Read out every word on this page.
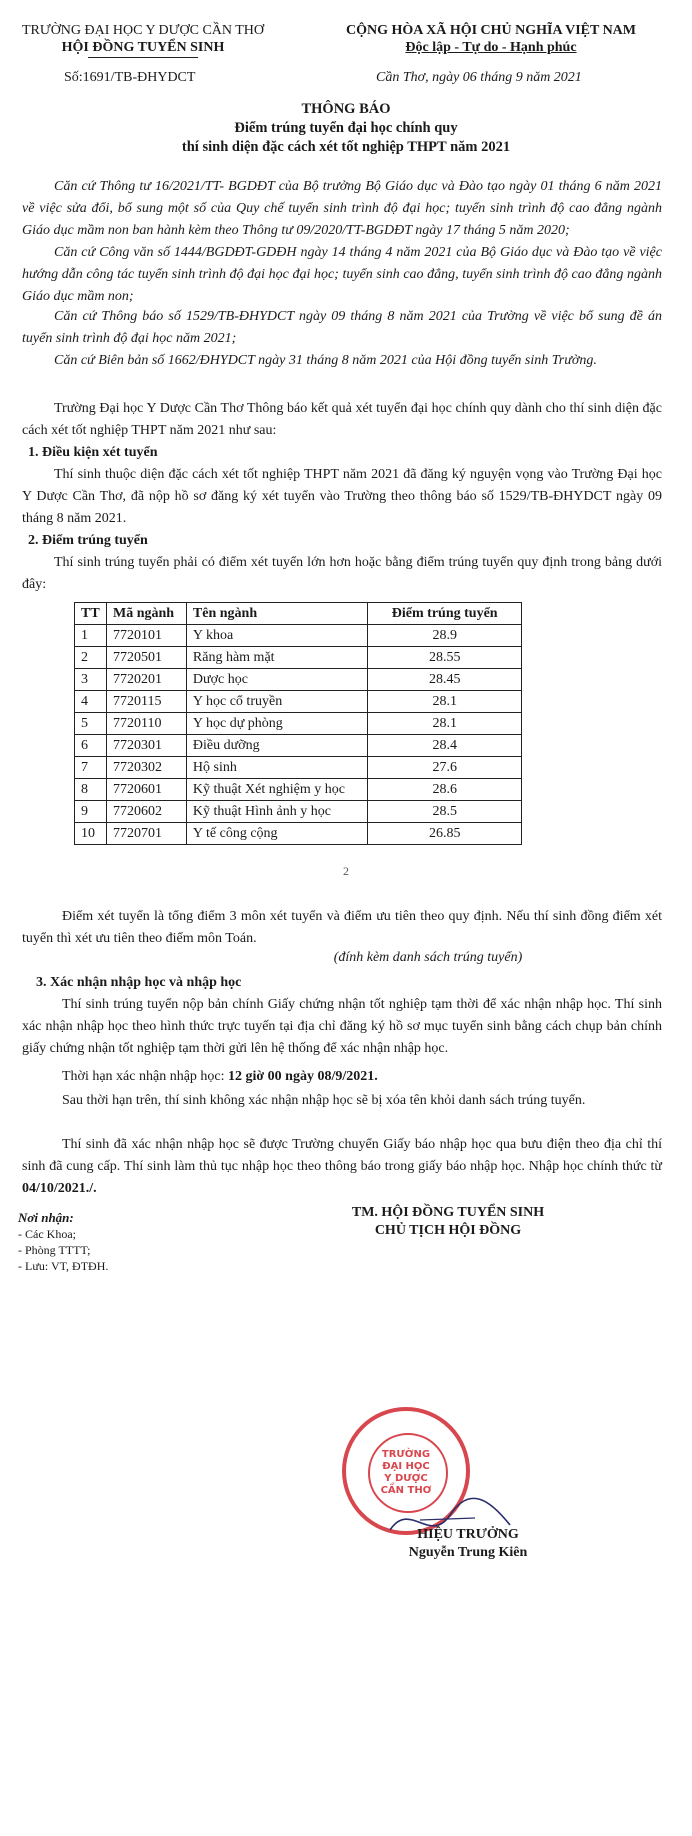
TRƯỜNG ĐẠI HỌC Y DƯỢC CẦN THƠ
HỘI ĐỒNG TUYỂN SINH
Số:1691/TB-ĐHYDCT
CỘNG HÒA XÃ HỘI CHỦ NGHĨA VIỆT NAM
Độc lập - Tự do - Hạnh phúc
Cần Thơ, ngày 06 tháng 9 năm 2021
THÔNG BÁO
Điểm trúng tuyển đại học chính quy
thí sinh diện đặc cách xét tốt nghiệp THPT năm 2021
Căn cứ Thông tư 16/2021/TT- BGDĐT của Bộ trưởng Bộ Giáo dục và Đào tạo ngày 01 tháng 6 năm 2021 về việc sửa đổi, bổ sung một số của Quy chế tuyển sinh trình độ đại học; tuyển sinh trình độ cao đẳng ngành Giáo dục mầm non ban hành kèm theo Thông tư 09/2020/TT-BGDĐT ngày 17 tháng 5 năm 2020;
Căn cứ Công văn số 1444/BGDĐT-GDĐH ngày 14 tháng 4 năm 2021 của Bộ Giáo dục và Đào tạo về việc hướng dẫn công tác tuyển sinh trình độ đại học đại học; tuyển sinh cao đẳng, tuyển sinh trình độ cao đẳng ngành Giáo dục mầm non;
Căn cứ Thông báo số 1529/TB-ĐHYDCT ngày 09 tháng 8 năm 2021 của Trường về việc bổ sung đề án tuyển sinh trình độ đại học năm 2021;
Căn cứ Biên bản số 1662/ĐHYDCT ngày 31 tháng 8 năm 2021 của Hội đồng tuyển sinh Trường.
Trường Đại học Y Dược Cần Thơ Thông báo kết quả xét tuyển đại học chính quy dành cho thí sinh diện đặc cách xét tốt nghiệp THPT năm 2021 như sau:
1. Điều kiện xét tuyển
Thí sinh thuộc diện đặc cách xét tốt nghiệp THPT năm 2021 đã đăng ký nguyện vọng vào Trường Đại học Y Dược Cần Thơ, đã nộp hồ sơ đăng ký xét tuyển vào Trường theo thông báo số 1529/TB-ĐHYDCT ngày 09 tháng 8 năm 2021.
2. Điểm trúng tuyển
Thí sinh trúng tuyển phải có điểm xét tuyển lớn hơn hoặc bằng điểm trúng tuyển quy định trong bảng dưới đây:
TT	Mã ngành	Tên ngành	Điểm trúng tuyển
1	7720101	Y khoa	28.9
2	7720501	Răng hàm mặt	28.55
3	7720201	Dược học	28.45
4	7720115	Y học cổ truyền	28.1
5	7720110	Y học dự phòng	28.1
6	7720301	Điều dưỡng	28.4
7	7720302	Hộ sinh	27.6
8	7720601	Kỹ thuật Xét nghiệm y học	28.6
9	7720602	Kỹ thuật Hình ảnh y học	28.5
10	7720701	Y tế công cộng	26.85
2
Điểm xét tuyển là tổng điểm 3 môn xét tuyển và điểm ưu tiên theo quy định. Nếu thí sinh đồng điểm xét tuyển thì xét ưu tiên theo điểm môn Toán.
(đính kèm danh sách trúng tuyển)
3. Xác nhận nhập học và nhập học
Thí sinh trúng tuyển nộp bản chính Giấy chứng nhận tốt nghiệp tạm thời để xác nhận nhập học. Thí sinh xác nhận nhập học theo hình thức trực tuyến tại địa chỉ đăng ký hồ sơ mục tuyển sinh bằng cách chụp bản chính giấy chứng nhận tốt nghiệp tạm thời gửi lên hệ thống để xác nhận nhập học.
Thời hạn xác nhận nhập học: 12 giờ 00 ngày 08/9/2021.
Sau thời hạn trên, thí sinh không xác nhận nhập học sẽ bị xóa tên khỏi danh sách trúng tuyển.
Thí sinh đã xác nhận nhập học sẽ được Trường chuyển Giấy báo nhập học qua bưu điện theo địa chỉ thí sinh đã cung cấp. Thí sinh làm thủ tục nhập học theo thông báo trong giấy báo nhập học. Nhập học chính thức từ 04/10/2021./.
Nơi nhận:
- Các Khoa;
- Phòng TTTT;
- Lưu: VT, ĐTĐH.
TM. HỘI ĐỒNG TUYỂN SINH
CHỦ TỊCH HỘI ĐỒNG
TRƯỜNG
ĐẠI HỌC
Y DƯỢC
CẦN THƠ
HIỆU TRƯỞNG
Nguyễn Trung Kiên
